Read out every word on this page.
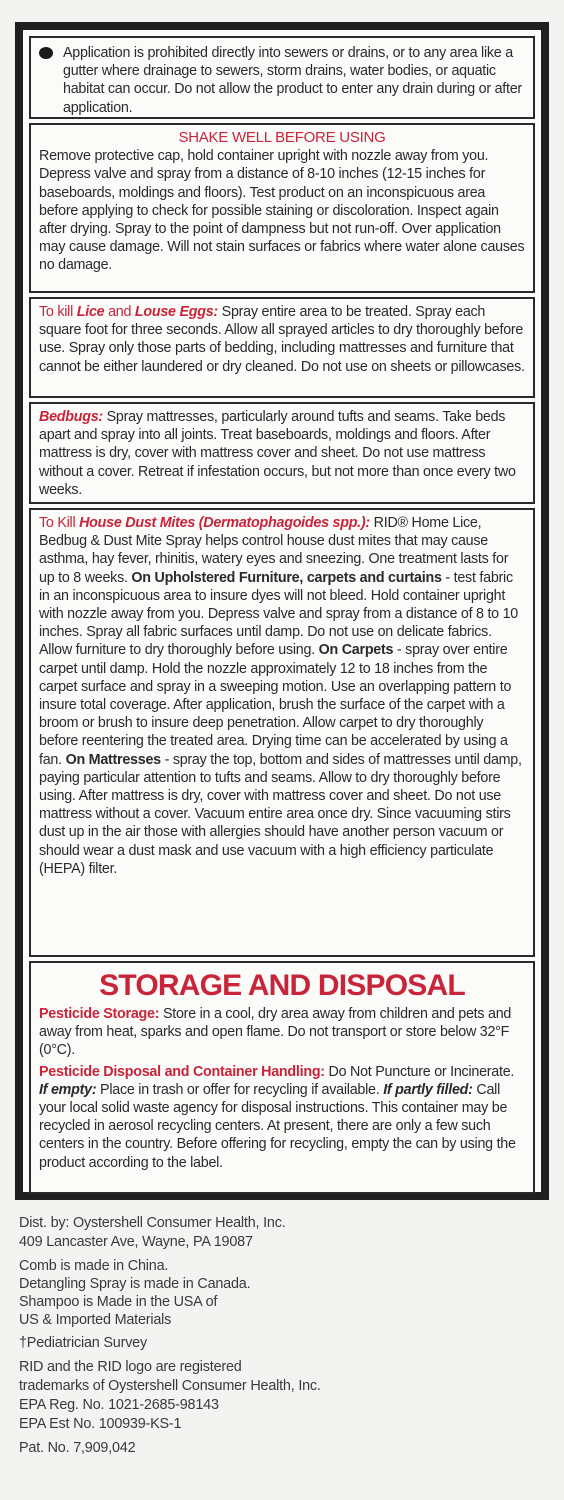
Application is prohibited directly into sewers or drains, or to any area like a gutter where drainage to sewers, storm drains, water bodies, or aquatic habitat can occur. Do not allow the product to enter any drain during or after application.
SHAKE WELL BEFORE USING
Remove protective cap, hold container upright with nozzle away from you. Depress valve and spray from a distance of 8-10 inches (12-15 inches for baseboards, moldings and floors). Test product on an inconspicuous area before applying to check for possible staining or discoloration. Inspect again after drying. Spray to the point of dampness but not run-off. Over application may cause damage. Will not stain surfaces or fabrics where water alone causes no damage.
To kill Lice and Louse Eggs: Spray entire area to be treated. Spray each square foot for three seconds. Allow all sprayed articles to dry thoroughly before use. Spray only those parts of bedding, including mattresses and furniture that cannot be either laundered or dry cleaned. Do not use on sheets or pillowcases.
Bedbugs: Spray mattresses, particularly around tufts and seams. Take beds apart and spray into all joints. Treat baseboards, moldings and floors. After mattress is dry, cover with mattress cover and sheet. Do not use mattress without a cover. Retreat if infestation occurs, but not more than once every two weeks.
To Kill House Dust Mites (Dermatophagoides spp.): RID® Home Lice, Bedbug & Dust Mite Spray helps control house dust mites that may cause asthma, hay fever, rhinitis, watery eyes and sneezing. One treatment lasts for up to 8 weeks. On Upholstered Furniture, carpets and curtains - test fabric in an inconspicuous area to insure dyes will not bleed. Hold container upright with nozzle away from you. Depress valve and spray from a distance of 8 to 10 inches. Spray all fabric surfaces until damp. Do not use on delicate fabrics. Allow furniture to dry thoroughly before using. On Carpets - spray over entire carpet until damp. Hold the nozzle approximately 12 to 18 inches from the carpet surface and spray in a sweeping motion. Use an overlapping pattern to insure total coverage. After application, brush the surface of the carpet with a broom or brush to insure deep penetration. Allow carpet to dry thoroughly before reentering the treated area. Drying time can be accelerated by using a fan. On Mattresses - spray the top, bottom and sides of mattresses until damp, paying particular attention to tufts and seams. Allow to dry thoroughly before using. After mattress is dry, cover with mattress cover and sheet. Do not use mattress without a cover. Vacuum entire area once dry. Since vacuuming stirs dust up in the air those with allergies should have another person vacuum or should wear a dust mask and use vacuum with a high efficiency particulate (HEPA) filter.
STORAGE AND DISPOSAL
Pesticide Storage: Store in a cool, dry area away from children and pets and away from heat, sparks and open flame. Do not transport or store below 32°F (0°C).
Pesticide Disposal and Container Handling: Do Not Puncture or Incinerate.
If empty: Place in trash or offer for recycling if available. If partly filled: Call your local solid waste agency for disposal instructions. This container may be recycled in aerosol recycling centers. At present, there are only a few such centers in the country. Before offering for recycling, empty the can by using the product according to the label.
Dist. by: Oystershell Consumer Health, Inc.
409 Lancaster Ave, Wayne, PA 19087
Comb is made in China.
Detangling Spray is made in Canada.
Shampoo is Made in the USA of
US & Imported Materials
†Pediatrician Survey
RID and the RID logo are registered
trademarks of Oystershell Consumer Health, Inc.
EPA Reg. No. 1021-2685-98143
EPA Est No. 100939-KS-1
Pat. No. 7,909,042
